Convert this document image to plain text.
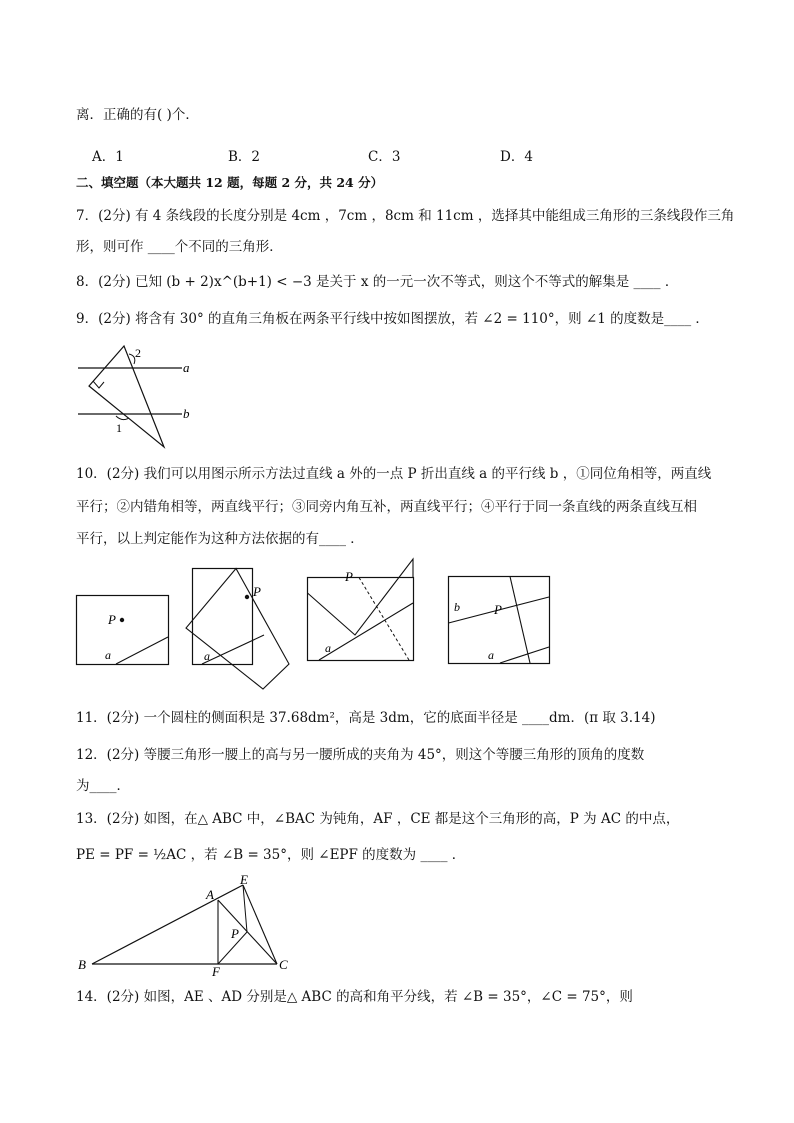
离．正确的有( )个．
A．1	B．2	C．3	D．4
二、填空题（本大题共 12 题，每题 2 分，共 24 分）
7．(2分) 有 4 条线段的长度分别是 4cm ，7cm ，8cm 和 11cm ，选择其中能组成三角形的三条线段作三角
形，则可作 ____个不同的三角形．
8．(2分) 已知 (b + 2)x^(b+1) < −3 是关于 x 的一元一次不等式，则这个不等式的解集是 ____ ．
9．(2分) 将含有 30° 的直角三角板在两条平行线中按如图摆放，若 ∠2 = 110°，则 ∠1 的度数是____ ．
a
b
2
1
10．(2分) 我们可以用图示所示方法过直线 a 外的一点 P 折出直线 a 的平行线 b ，①同位角相等，两直线
平行；②内错角相等，两直线平行；③同旁内角互补，两直线平行；④平行于同一条直线的两条直线互相
平行，以上判定能作为这种方法依据的有____ ．
P
a
P
a
P
a
b	P
a
11．(2分) 一个圆柱的侧面积是 37.68dm²，高是 3dm，它的底面半径是 ____dm．(π 取 3.14)
12．(2分) 等腰三角形一腰上的高与另一腰所成的夹角为 45°，则这个等腰三角形的顶角的度数
为____．
13．(2分) 如图，在△ ABC 中，∠BAC 为钝角，AF ，CE 都是这个三角形的高，P 为 AC 的中点，
PE = PF = ½AC ，若 ∠B = 35°，则 ∠EPF 的度数为 ____ ．
B
A
E
P
F	C
14．(2分) 如图，AE 、AD 分别是△ ABC 的高和角平分线，若 ∠B = 35°，∠C = 75°，则
